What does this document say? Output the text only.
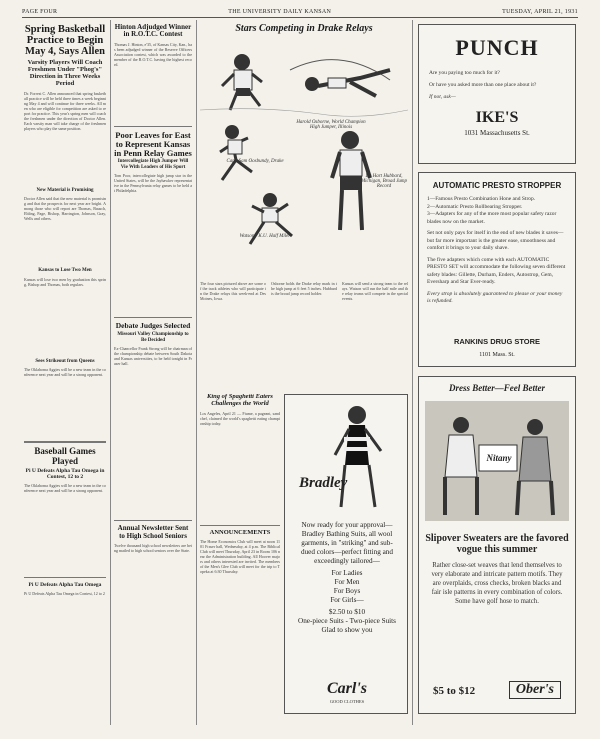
PAGE FOUR	THE UNIVERSITY DAILY KANSAN	TUESDAY, APRIL 21, 1931
Spring Basketball Practice to Begin May 4, Says Allen
Varsity Players Will Coach Freshmen Under "Phog's" Direction in Three Weeks Period
Dr. Forrest C. Allen announced that spring basketball practice will be held three times a week beginning May 4 and will continue for three weeks. All men who are eligible for competition are asked to report for practice. This year's spring men will coach the freshmen under the direction of Doctor Allen. Each varsity man will take charge of the freshmen players who play the same position.
New Material is Promising
Doctor Allen said that the new material is promising and that the prospects for next year are bright. Among those who will report are Thomas, Bausch, Ebling, Page, Bishop, Harrington, Johnson, Gray, Wells and others.
Kansas to Lose Two Men
Kansas will lose two men by graduation this spring, Bishop and Thomas, both regulars.
Sees Strikeout from Queens
The Oklahoma Aggies will be a new team in the conference next year and will be a strong opponent.
Baseball Games Played
Pi U Defeats Alpha Tau Omega in Contest, 12 to 2
The Oklahoma Aggies will be a new team in the conference next year and will be a strong opponent.
Pi U Defeats Alpha Tau Omega
Pi U Defeats Alpha Tau Omega in Contest, 12 to 2
Hinton Adjudged Winner in R.O.T.C. Contest
Thomas J. Hinton, e'35, of Kansas City, Kan., has been adjudged winner of the Reserve Officers Association contest, which was awarded to the member of the R.O.T.C. having the highest record.
Poor Leaves for East to Represent Kansas in Penn Relay Games
Intercollegiate High Jumper Will Vie With Leaders of His Sport
Tom Poor, intercollegiate high jump star in the United States, will be the Jayhawker representative in the Pennsylvania relay games to be held at Philadelphia.
Debate Judges Selected
Missouri Valley Championship to Be Decided
Ex-Chancellor Frank Strong will be chairman of the championship debate between South Dakota and Kansas universities, to be held tonight in Fraser hall.
Annual Newsletter Sent to High School Seniors
Twelve thousand high school newsletters are being mailed to high school seniors over the State.
Stars Competing in Drake Relays
Harold Osborne, World Champion High Jumper, Illinois
Capt. Sam Oosbundy, Drake
De Hart Hubbard, Michigan, Broad Jump Record
Watson - K.U. Half Miler
The four stars pictured above are some of the track athletes who will participate in the Drake relays this week-end at Des Moines, Iowa.
Osborne holds the Drake relay mark in the high jump at 6 feet 5 inches. Hubbard is the broad jump record holder.
Kansas will send a strong team to the relays. Watson will run the half mile and the relay teams will compete in the special events.
King of Spaghetti Eaters Challenges the World
Los Angeles, April 21 — Fiume, a pageant, sand chef, claimed the world's spaghetti eating championship today.
ANNOUNCEMENTS
The Home Economics Club will meet at noon 1101 Fraser hall, Wednesday, at 4 p.m. The Biblical Club will meet Thursday, April 23 in Room 106 near the Administration building. All Hoover majors and others interested are invited. The members of the Men's Glee Club will meet for the trip to Topeka at 6:30 Thursday.
Bradley
Now ready for your approval—
Bradley Bathing Suits, all wool
garments, in "striking" and sub-
dued colors—perfect fitting and
exceedingly tailored—
For Ladies
For Men
For Boys
For Girls—
$2.50 to $10
One-piece Suits - Two-piece Suits
Glad to show you
Carl's
GOOD CLOTHES
PUNCH
Are you paying too much for it?
Or have you asked more than one place about it?
If not, ask—
IKE'S
1031 Massachusetts St.
AUTOMATIC PRESTO STROPPER
1—Famous Presto Combination Hone and Strop.
2—Automatic Presto Rollbearing Stropper.
3—Adapters for any of the more most popular safety razor blades now on the market.
Set not only pays for itself in the end of new blades it saves—but far more important is the greater ease, smoothness and comfort it brings to your daily shave.
The five adapters which come with each AUTOMATIC PRESTO SET will accommodate the following seven different safety blades: Gillette, Durham, Enders, Autostrop, Gem, Eversharp and Star Ever-ready.
Every strop is absolutely guaranteed to please or your money is refunded.
RANKINS DRUG STORE
1101 Mass. St.
Dress Better—Feel Better
Nitany
Slipover Sweaters are the favored vogue this summer
Rather close-set weaves that lend themselves to very elaborate and intricate pattern motifs. They are overplaids, cross checks, broken blacks and fair isle patterns in every combination of colors. Some have golf hose to match.
$5 to $12	Ober's
